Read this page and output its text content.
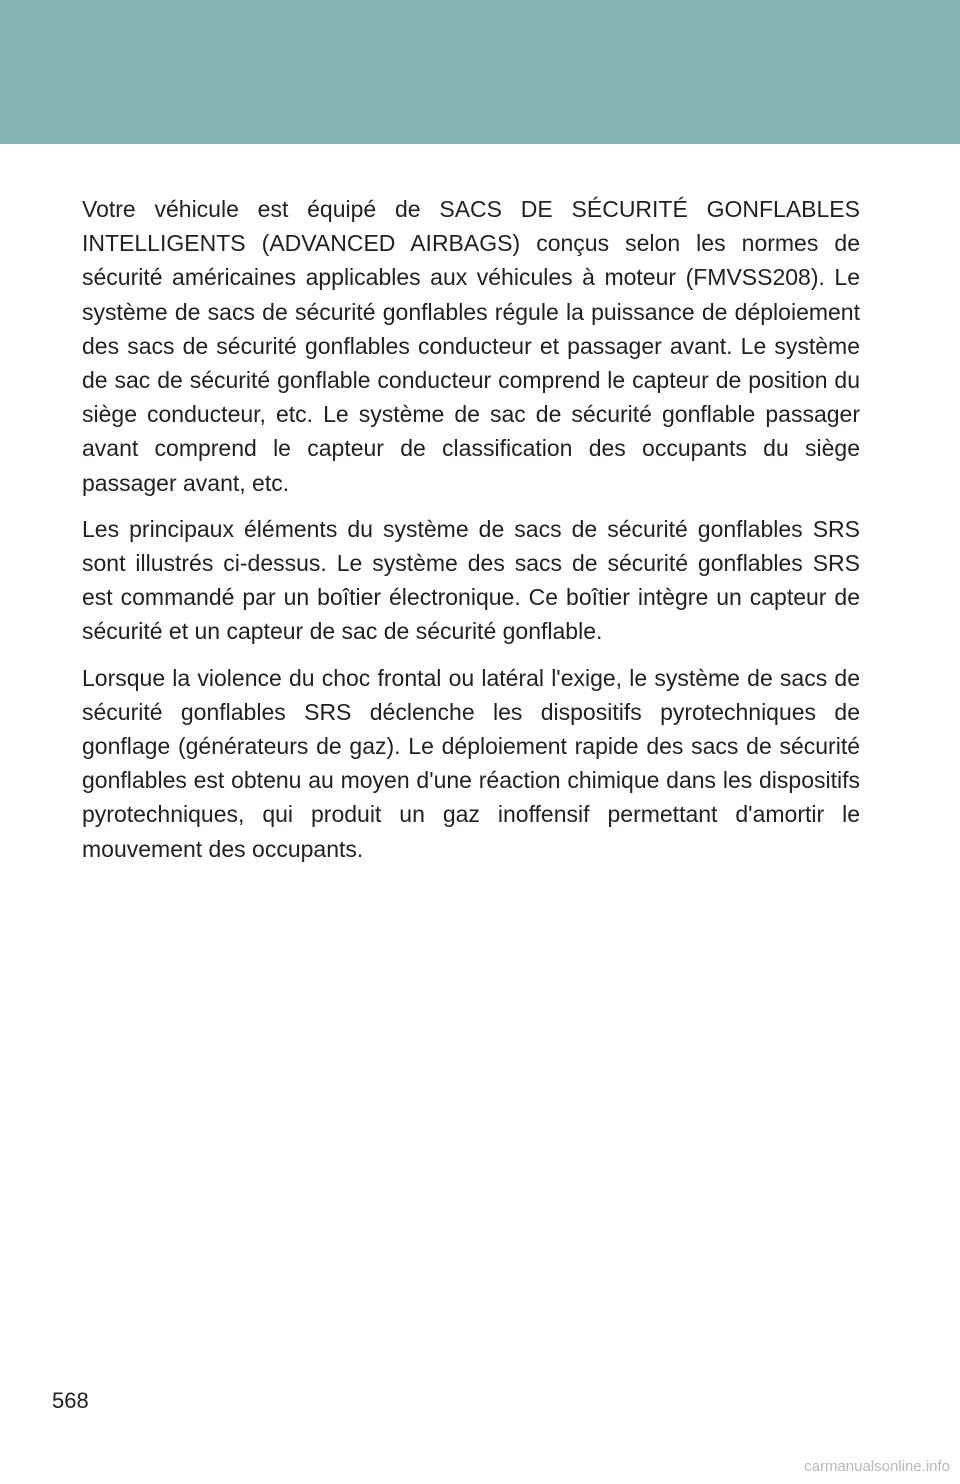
Votre véhicule est équipé de SACS DE SÉCURITÉ GONFLABLES INTELLIGENTS (ADVANCED AIRBAGS) conçus selon les normes de sécurité américaines applicables aux véhicules à moteur (FMVSS208). Le système de sacs de sécurité gonflables régule la puissance de déploiement des sacs de sécurité gonflables conducteur et passager avant. Le système de sac de sécurité gonflable conducteur comprend le capteur de position du siège conducteur, etc. Le système de sac de sécurité gonflable passager avant comprend le capteur de classification des occupants du siège passager avant, etc.

Les principaux éléments du système de sacs de sécurité gonflables SRS sont illustrés ci-dessus. Le système des sacs de sécurité gonflables SRS est commandé par un boîtier électronique. Ce boîtier intègre un capteur de sécurité et un capteur de sac de sécurité gonflable.

Lorsque la violence du choc frontal ou latéral l'exige, le système de sacs de sécurité gonflables SRS déclenche les dispositifs pyrotechniques de gonflage (générateurs de gaz). Le déploiement rapide des sacs de sécurité gonflables est obtenu au moyen d'une réaction chimique dans les dispositifs pyrotechniques, qui produit un gaz inoffensif permettant d'amortir le mouvement des occupants.

568
carmanualsonline.info
